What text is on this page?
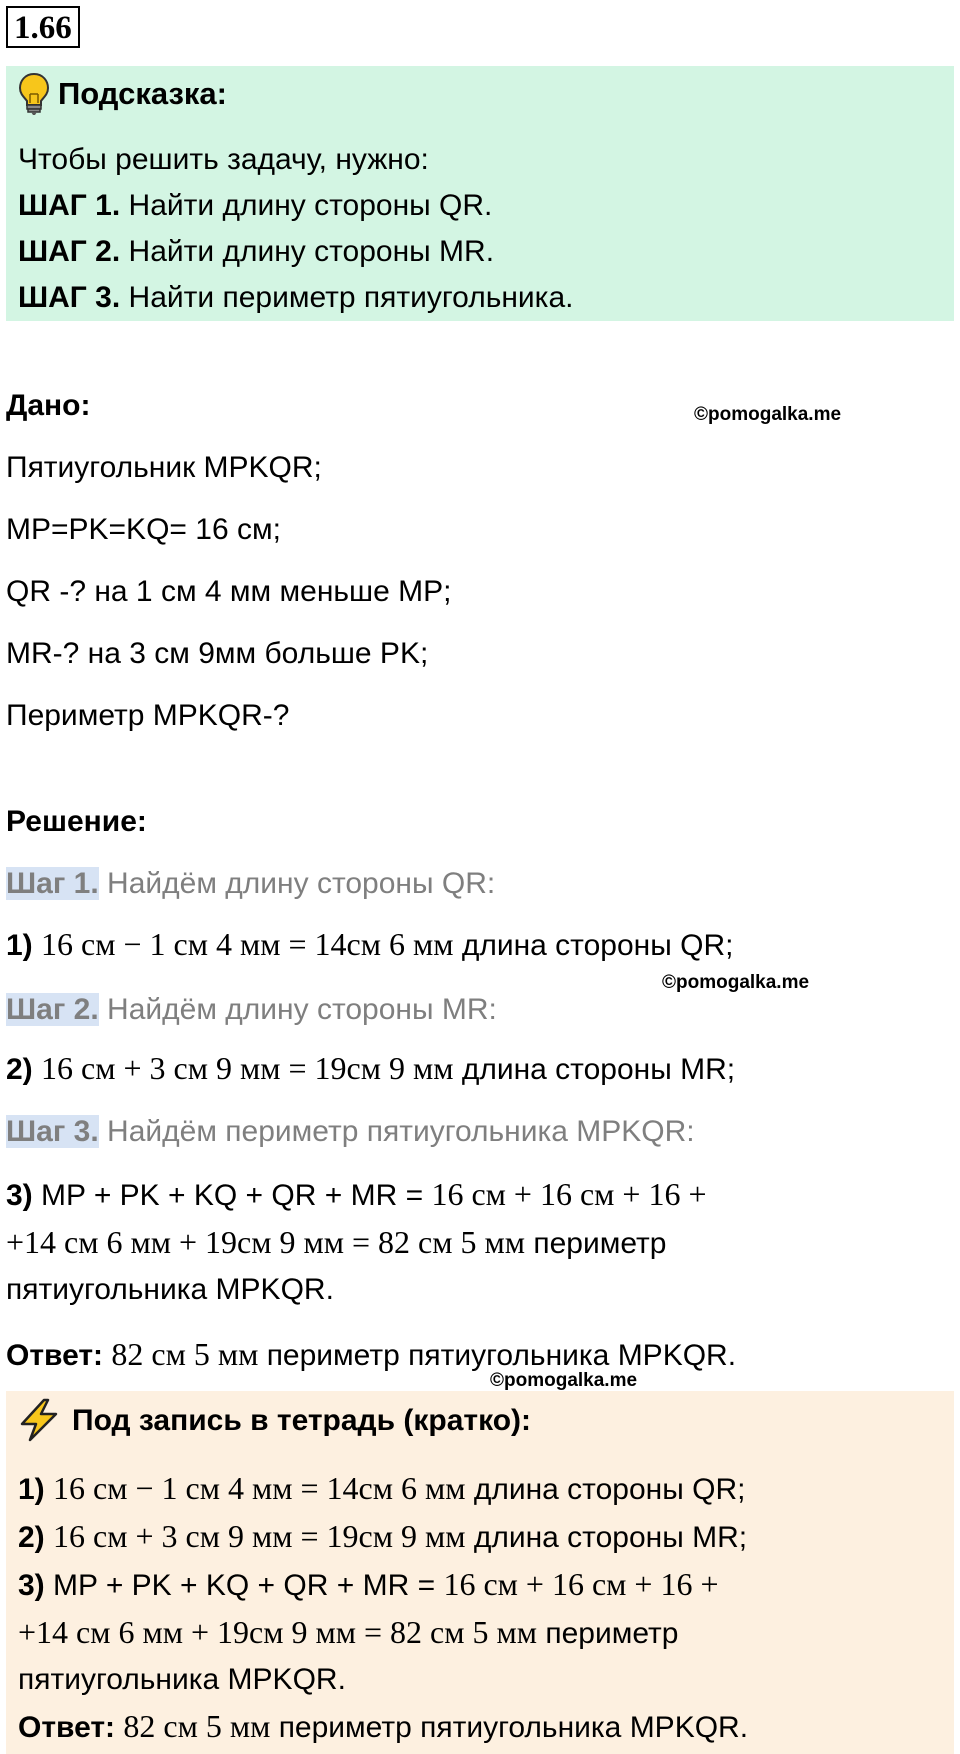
1.66
Подсказка:
Чтобы решить задачу, нужно:
ШАГ 1. Найти длину стороны QR.
ШАГ 2. Найти длину стороны MR.
ШАГ 3. Найти периметр пятиугольника.
Дано:	©pomogalka.me
Пятиугольник MPKQR;
MP=PK=KQ= 16 см;
QR -? на 1 см 4 мм меньше MP;
MR-? на 3 см 9мм больше PK;
Периметр MPKQR-?
Решение:
Шаг 1. Найдём длину стороны QR:
1) 16 см − 1 см 4 мм = 14см 6 мм длина стороны QR;
©pomogalka.me
Шаг 2. Найдём длину стороны MR:
2) 16 см + 3 см 9 мм = 19см 9 мм длина стороны MR;
Шаг 3. Найдём периметр пятиугольника MPKQR:
3) MP + PK + KQ + QR + MR = 16 см + 16 см + 16 +
+14 см 6 мм + 19см 9 мм = 82 см 5 мм периметр
пятиугольника MPKQR.
Ответ: 82 см 5 мм периметр пятиугольника MPKQR.
©pomogalka.me
Под запись в тетрадь (кратко):
1) 16 см − 1 см 4 мм = 14см 6 мм длина стороны QR;
2) 16 см + 3 см 9 мм = 19см 9 мм длина стороны MR;
3) MP + PK + KQ + QR + MR = 16 см + 16 см + 16 +
+14 см 6 мм + 19см 9 мм = 82 см 5 мм периметр
пятиугольника MPKQR.
Ответ: 82 см 5 мм периметр пятиугольника MPKQR.
